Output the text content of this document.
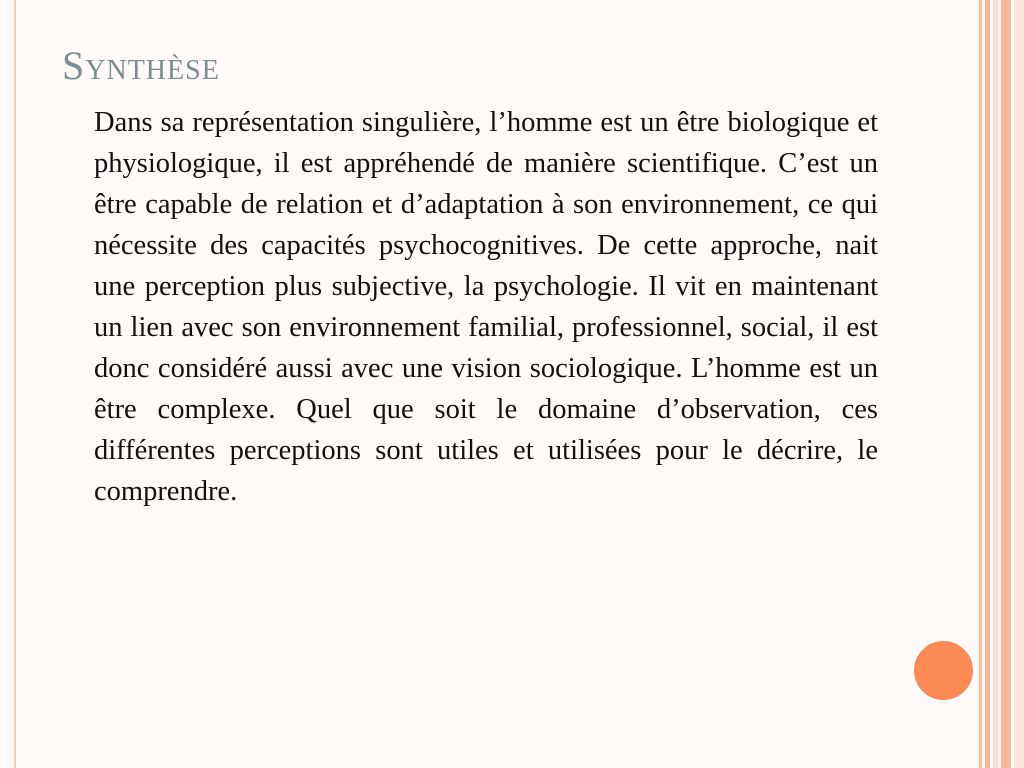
Synthèse

Dans sa représentation singulière, l’homme est un être biologique et physiologique, il est appréhendé de manière scientifique. C’est un être capable de relation et d’adaptation à son environnement, ce qui nécessite des capacités psychocognitives. De cette approche, nait une perception plus subjective, la psychologie. Il vit en maintenant un lien avec son environnement familial, professionnel, social, il est donc considéré aussi avec une vision sociologique. L’homme est un être complexe. Quel que soit le domaine d’observation, ces différentes perceptions sont utiles et utilisées pour le décrire, le comprendre.
